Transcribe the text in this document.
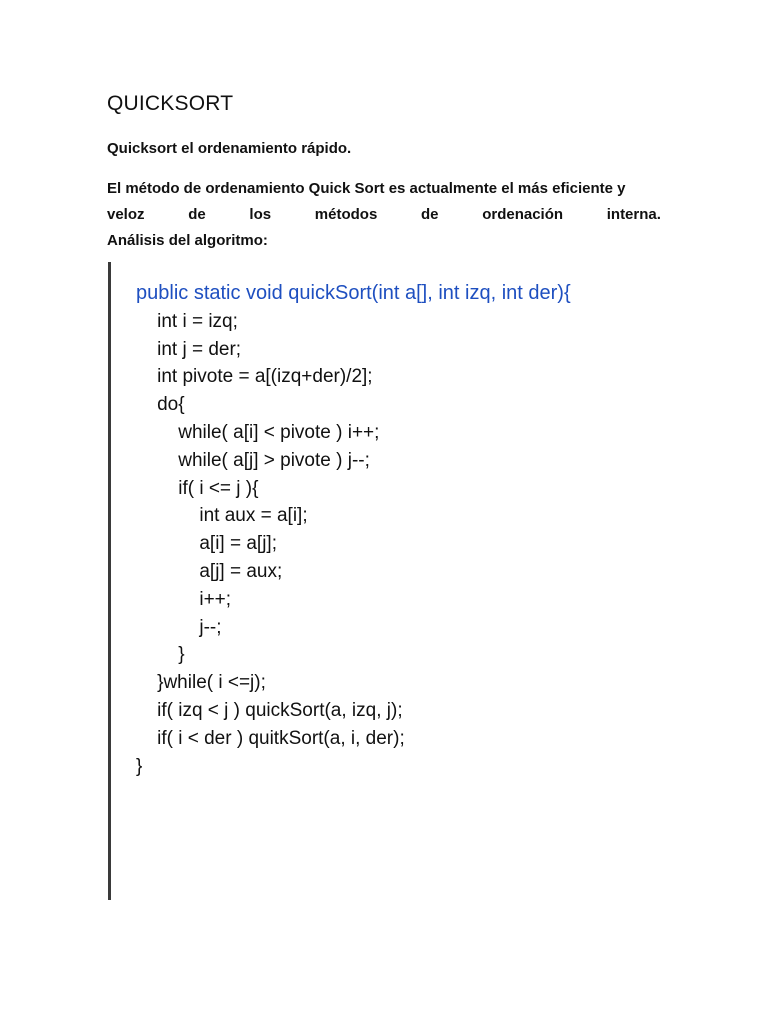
QUICKSORT

Quicksort el ordenamiento rápido.

El método de ordenamiento Quick Sort es actualmente el más eficiente y
veloz	de	los	métodos	de	ordenación	interna.
Análisis del algoritmo:
public static void quickSort(int a[], int izq, int der){
int i = izq;
int j = der;
int pivote = a[(izq+der)/2];
do{
while( a[i] < pivote ) i++;
while( a[j] > pivote ) j--;
if( i <= j ){
int aux = a[i];
a[i] = a[j];
a[j] = aux;
i++;
j--;
}
}while( i <=j);
if( izq < j ) quickSort(a, izq, j);
if( i < der ) quitkSort(a, i, der);
}
